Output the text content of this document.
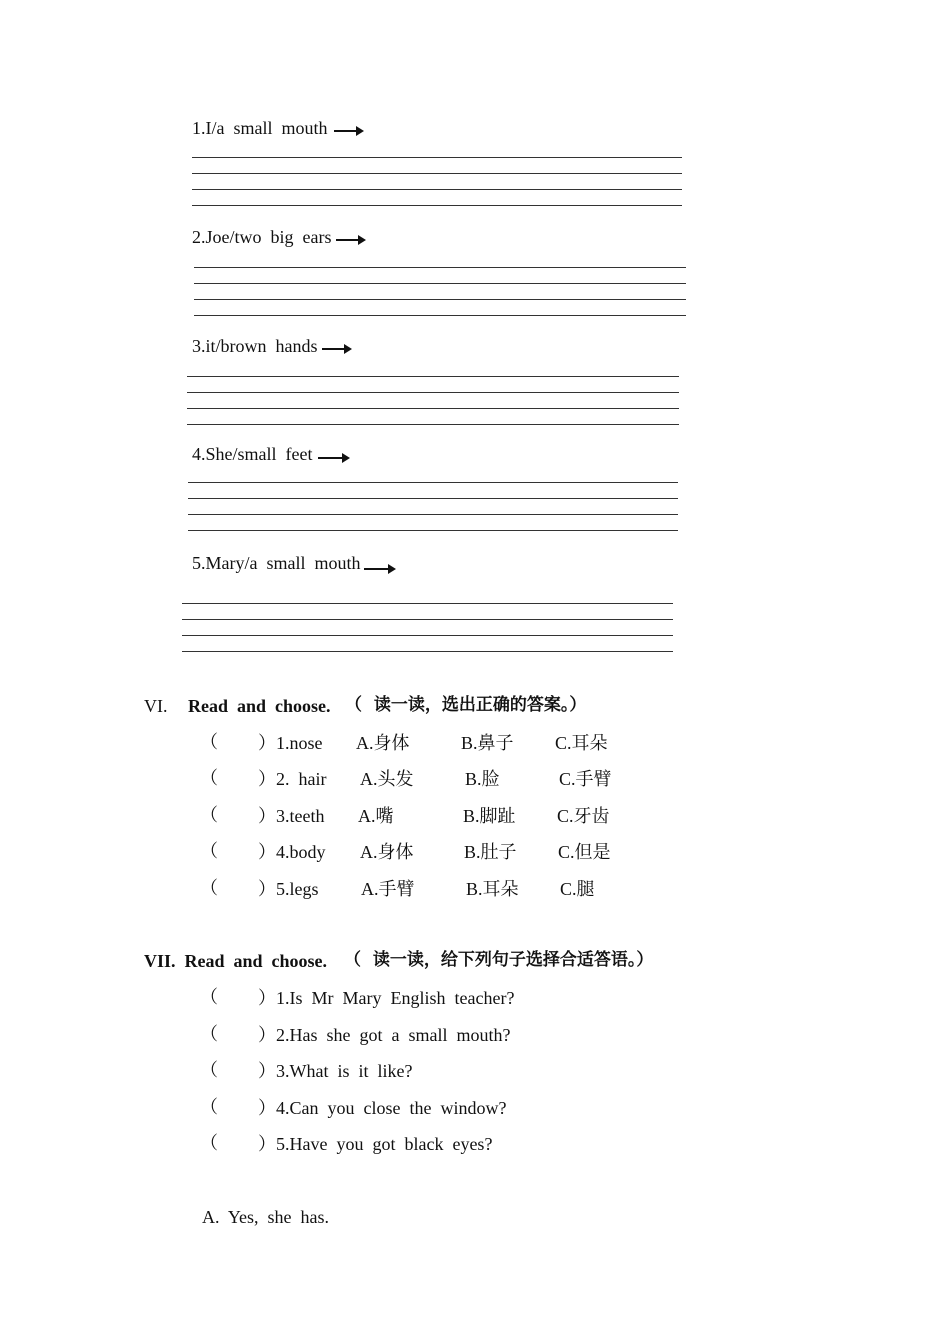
1.I/a  small  mouth
2.Joe/two  big  ears
3.it/brown  hands
4.She/small  feet
5.Mary/a  small  mouth
VI. Read  and  choose. （  读一读，选出正确的答案。）
（ ）1.nose A.身体	B.鼻子 C.耳朵
（ ）2.  hair A.头发	B.脸	C.手臂
（ ）3.teeth A.嘴	B.脚趾 C.牙齿
（ ）4.body A.身体	B.肚子 C.但是
（ ）5.legs A.手臂	B.耳朵 C.腿
VII.  Read  and  choose. （  读一读，给下列句子选择合适答语。）
（ ）1.Is  Mr  Mary  English  teacher?
（ ）2.Has  she  got  a  small  mouth?
（ ）3.What  is  it  like?
（ ）4.Can  you  close  the  window?
（ ）5.Have  you  got  black  eyes?
A.  Yes,  she  has.
